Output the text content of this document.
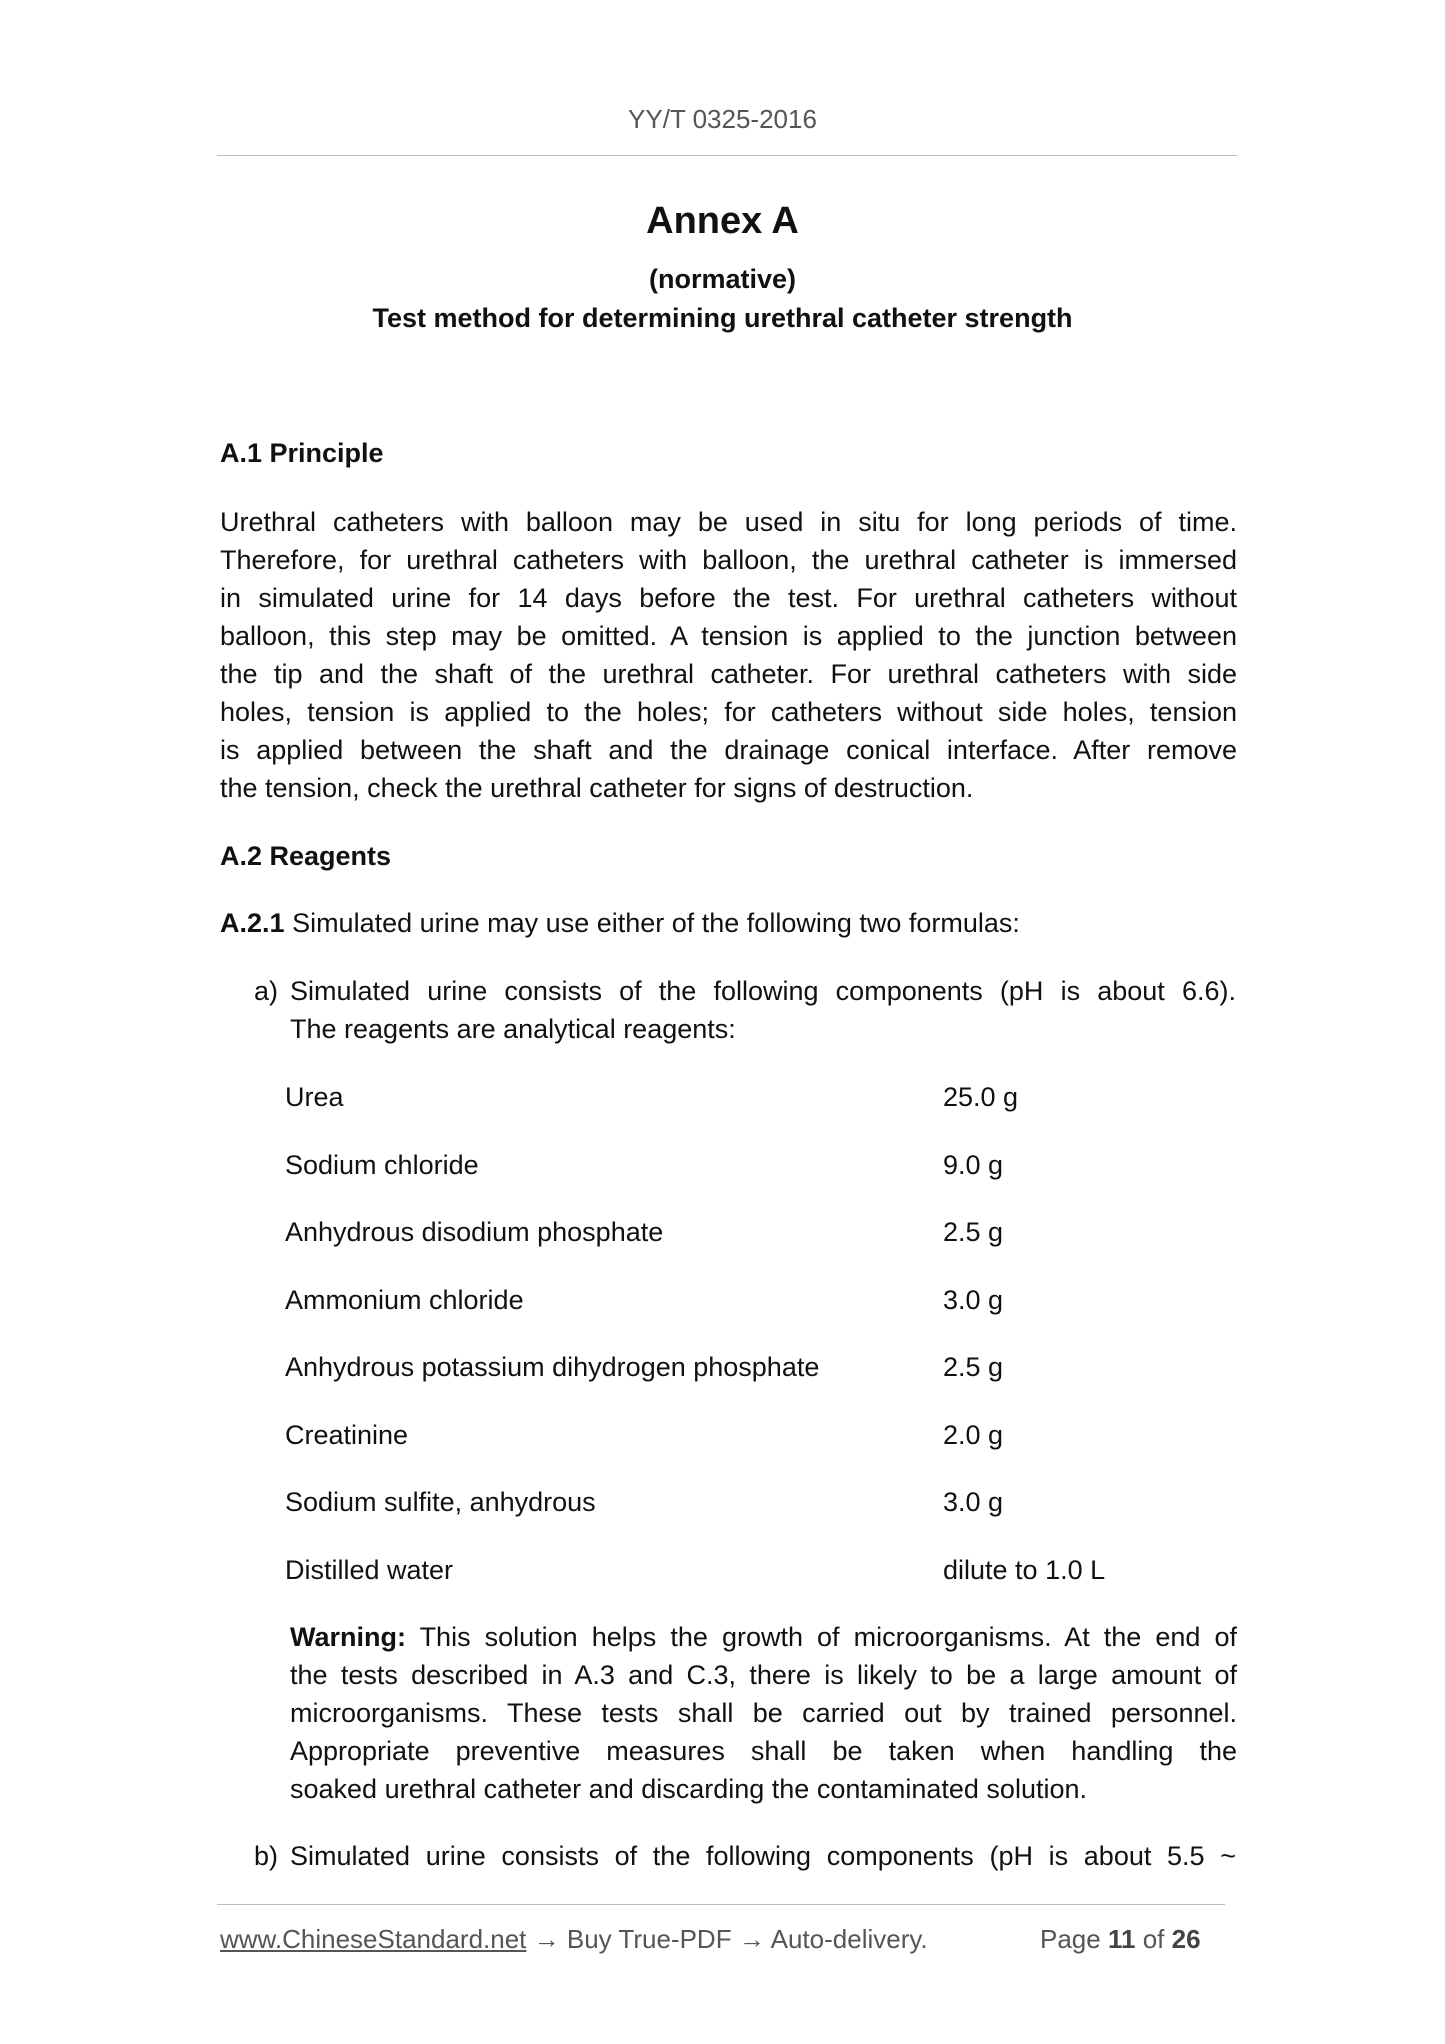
YY/T 0325-2016
Annex A
(normative)
Test method for determining urethral catheter strength
A.1 Principle
Urethral catheters with balloon may be used in situ for long periods of time.
Therefore, for urethral catheters with balloon, the urethral catheter is immersed
in simulated urine for 14 days before the test. For urethral catheters without
balloon, this step may be omitted. A tension is applied to the junction between
the tip and the shaft of the urethral catheter. For urethral catheters with side
holes, tension is applied to the holes; for catheters without side holes, tension
is applied between the shaft and the drainage conical interface. After remove
the tension, check the urethral catheter for signs of destruction.
A.2 Reagents
A.2.1 Simulated urine may use either of the following two formulas:
a) Simulated urine consists of the following components (pH is about 6.6).
The reagents are analytical reagents:
Urea	25.0 g
Sodium chloride	9.0 g
Anhydrous disodium phosphate	2.5 g
Ammonium chloride	3.0 g
Anhydrous potassium dihydrogen phosphate	2.5 g
Creatinine	2.0 g
Sodium sulfite, anhydrous	3.0 g
Distilled water	dilute to 1.0 L
Warning: This solution helps the growth of microorganisms. At the end of
the tests described in A.3 and C.3, there is likely to be a large amount of
microorganisms. These tests shall be carried out by trained personnel.
Appropriate preventive measures shall be taken when handling the
soaked urethral catheter and discarding the contaminated solution.
b) Simulated urine consists of the following components (pH is about 5.5 ~
www.ChineseStandard.net → Buy True-PDF → Auto-delivery.	Page 11 of 26
